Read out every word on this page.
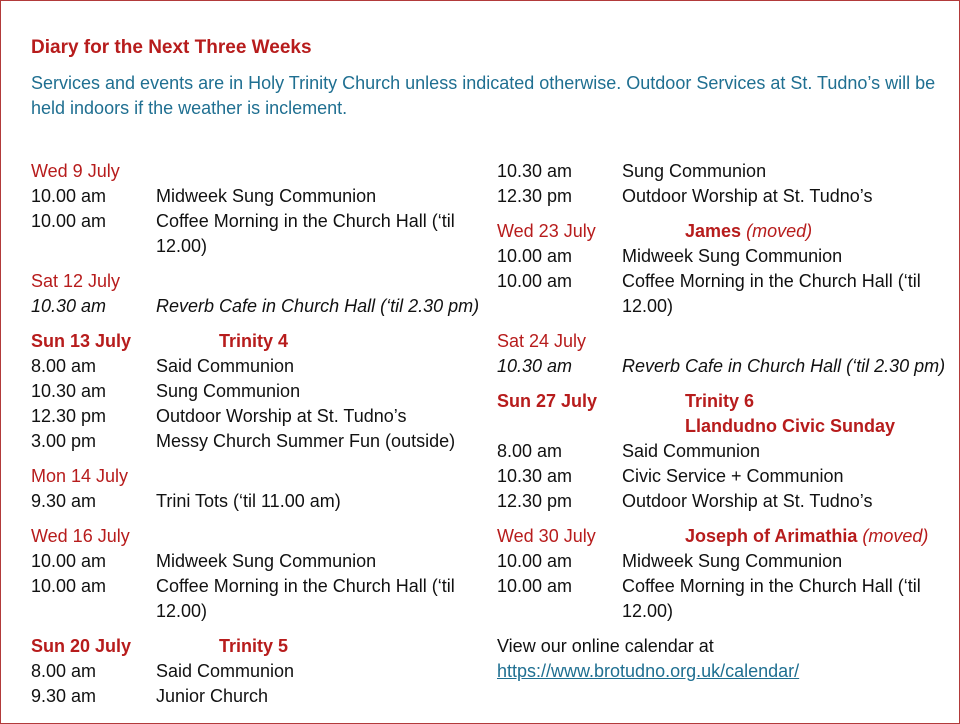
Diary for the Next Three Weeks
Services and events are in Holy Trinity Church unless indicated otherwise. Outdoor Services at St. Tudno’s will be held indoors if the weather is inclement.
Wed 9 July
10.00 am	Midweek Sung Communion
10.00 am	Coffee Morning in the Church Hall (‘til 12.00)
Sat 12 July
10.30 am	Reverb Cafe in Church Hall (‘til 2.30 pm)
Sun 13 July	Trinity 4
8.00 am	Said Communion
10.30 am	Sung Communion
12.30 pm	Outdoor Worship at St. Tudno’s
3.00 pm	Messy Church Summer Fun (outside)
Mon 14 July
9.30 am	Trini Tots (‘til 11.00 am)
Wed 16 July
10.00 am	Midweek Sung Communion
10.00 am	Coffee Morning in the Church Hall (‘til 12.00)
Sun 20 July	Trinity 5
8.00 am	Said Communion
9.30 am	Junior Church
10.30 am	Sung Communion
12.30 pm	Outdoor Worship at St. Tudno’s
Wed 23 July	James (moved)
10.00 am	Midweek Sung Communion
10.00 am	Coffee Morning in the Church Hall (‘til 12.00)
Sat 24 July
10.30 am	Reverb Cafe in Church Hall (‘til 2.30 pm)
Sun 27 July	Trinity 6
Llandudno Civic Sunday
8.00 am	Said Communion
10.30 am	Civic Service + Communion
12.30 pm	Outdoor Worship at St. Tudno’s
Wed 30 July	Joseph of Arimathia (moved)
10.00 am	Midweek Sung Communion
10.00 am	Coffee Morning in the Church Hall (‘til 12.00)
View our online calendar at https://www.brotudno.org.uk/calendar/
